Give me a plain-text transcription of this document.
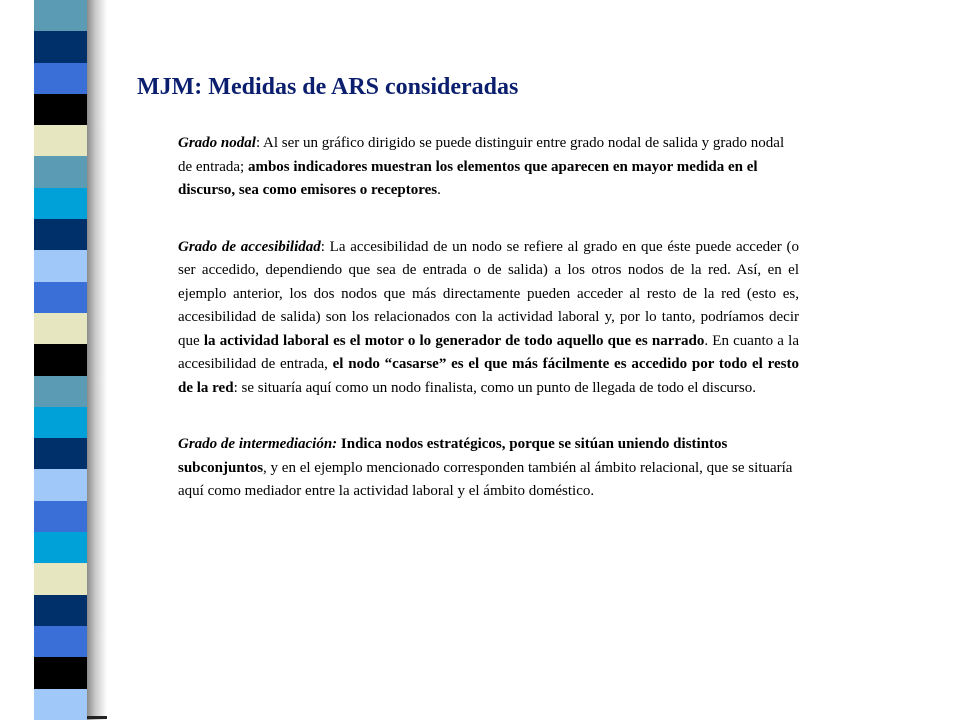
MJM: Medidas de ARS consideradas

Grado nodal: Al ser un gráfico dirigido se puede distinguir entre grado nodal de salida y grado nodal de entrada; ambos indicadores muestran los elementos que aparecen en mayor medida en el discurso, sea como emisores o receptores.

Grado de accesibilidad: La accesibilidad de un nodo se refiere al grado en que éste puede acceder (o ser accedido, dependiendo que sea de entrada o de salida) a los otros nodos de la red. Así, en el ejemplo anterior, los dos nodos que más directamente pueden acceder al resto de la red (esto es, accesibilidad de salida) son los relacionados con la actividad laboral y, por lo tanto, podríamos decir que la actividad laboral es el motor o lo generador de todo aquello que es narrado. En cuanto a la accesibilidad de entrada, el nodo “casarse” es el que más fácilmente es accedido por todo el resto de la red: se situaría aquí como un nodo finalista, como un punto de llegada de todo el discurso.

Grado de intermediación: Indica nodos estratégicos, porque se sitúan uniendo distintos subconjuntos, y en el ejemplo mencionado corresponden también al ámbito relacional, que se situaría aquí como mediador entre la actividad laboral y el ámbito doméstico.
